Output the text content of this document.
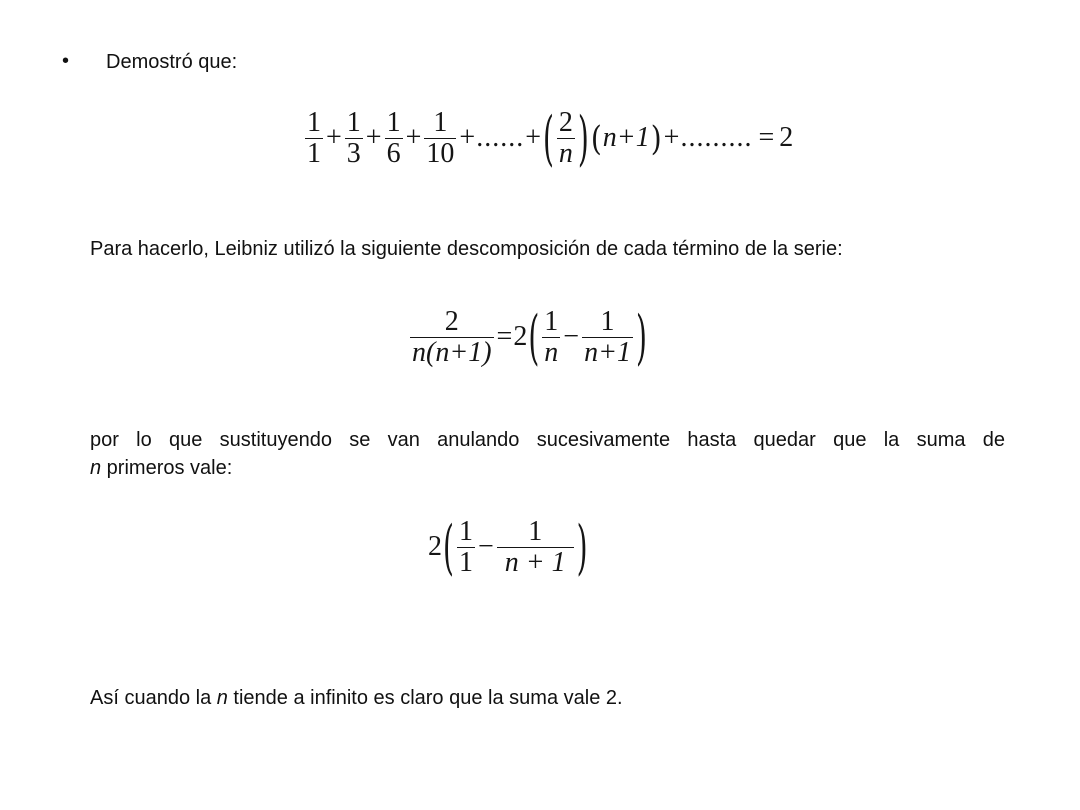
• Demostró que:
$\frac{1}{1} + \frac{1}{3} + \frac{1}{6} + \frac{1}{10}$ + ...... + ( $\frac{2}{n}$ ) ( n+1 ) + ......... = 2
Para hacerlo, Leibniz utilizó la siguiente descomposición de cada término de la serie:
$\frac{2}{n(n+1)} = 2$ ( $\frac{1}{n} - \frac{1}{n+1}$ )
por lo que sustituyendo se van anulando sucesivamente hasta quedar que la suma de
n primeros vale:
2 ( $\frac{1}{1} - \frac{1}{n + 1}$ )
Así cuando la n tiende a infinito es claro que la suma vale 2.
